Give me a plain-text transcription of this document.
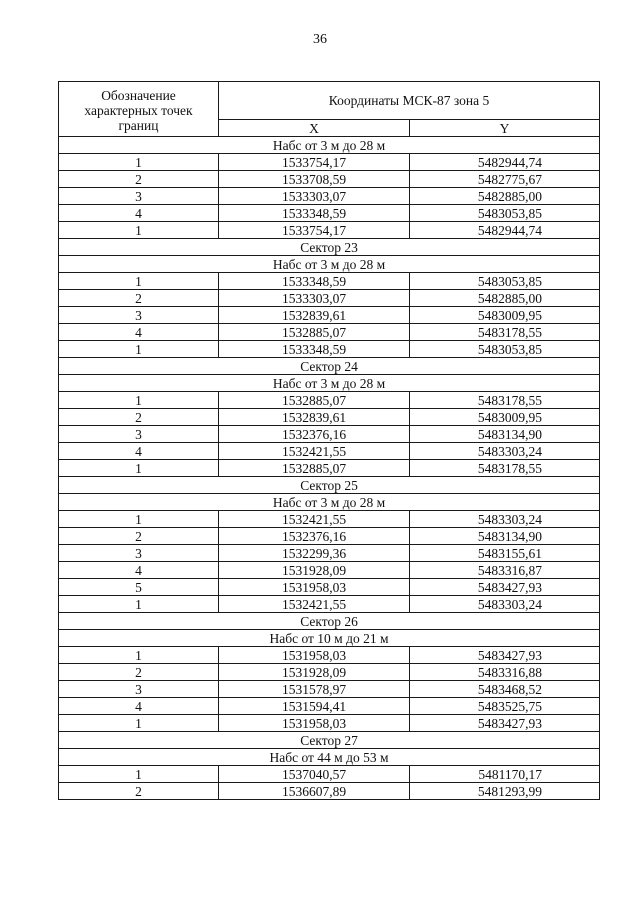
36
Обозначение характерных точек границ	Координаты МСК-87 зона 5	
	X	Y
Набс от 3 м до 28 м		
1	1533754,17	5482944,74
2	1533708,59	5482775,67
3	1533303,07	5482885,00
4	1533348,59	5483053,85
1	1533754,17	5482944,74
Сектор 23		
Набс от 3 м до 28 м		
1	1533348,59	5483053,85
2	1533303,07	5482885,00
3	1532839,61	5483009,95
4	1532885,07	5483178,55
1	1533348,59	5483053,85
Сектор 24		
Набс от 3 м до 28 м		
1	1532885,07	5483178,55
2	1532839,61	5483009,95
3	1532376,16	5483134,90
4	1532421,55	5483303,24
1	1532885,07	5483178,55
Сектор 25		
Набс от 3 м до 28 м		
1	1532421,55	5483303,24
2	1532376,16	5483134,90
3	1532299,36	5483155,61
4	1531928,09	5483316,87
5	1531958,03	5483427,93
1	1532421,55	5483303,24
Сектор 26		
Набс от 10 м до 21 м		
1	1531958,03	5483427,93
2	1531928,09	5483316,88
3	1531578,97	5483468,52
4	1531594,41	5483525,75
1	1531958,03	5483427,93
Сектор 27		
Набс от 44 м до 53 м		
1	1537040,57	5481170,17
2	1536607,89	5481293,99
